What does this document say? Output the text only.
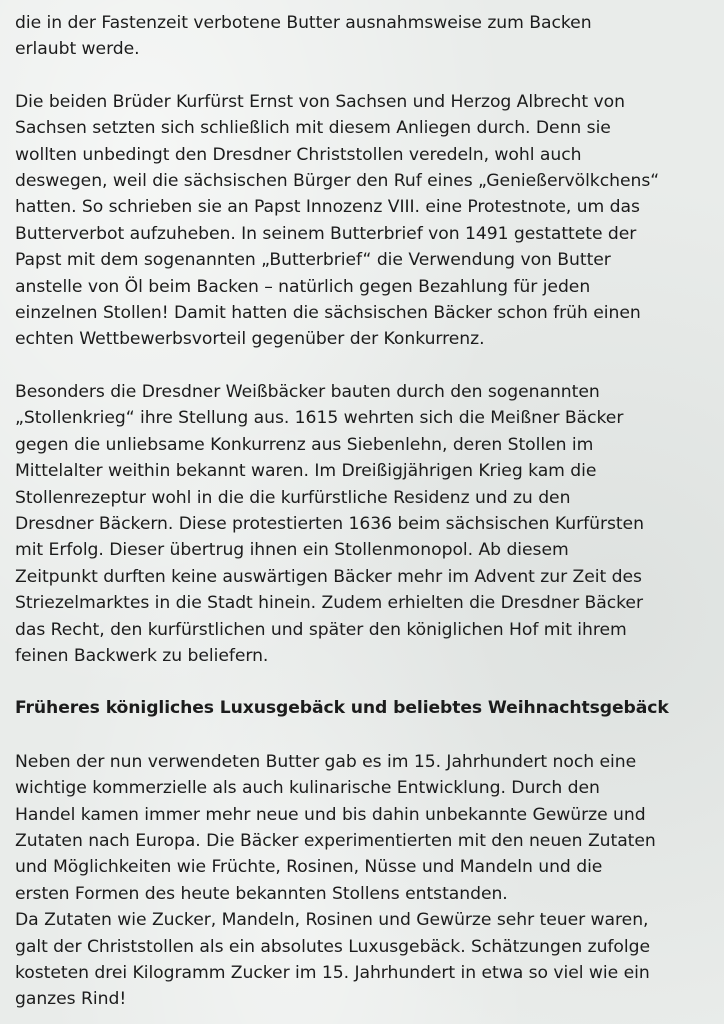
die in der Fastenzeit verbotene Butter ausnahmsweise zum Backen
erlaubt werde.

Die beiden Brüder Kurfürst Ernst von Sachsen und Herzog Albrecht von
Sachsen setzten sich schließlich mit diesem Anliegen durch. Denn sie
wollten unbedingt den Dresdner Christstollen veredeln, wohl auch
deswegen, weil die sächsischen Bürger den Ruf eines „Genießervölkchens“
hatten. So schrieben sie an Papst Innozenz VIII. eine Protestnote, um das
Butterverbot aufzuheben. In seinem Butterbrief von 1491 gestattete der
Papst mit dem sogenannten „Butterbrief“ die Verwendung von Butter
anstelle von Öl beim Backen – natürlich gegen Bezahlung für jeden
einzelnen Stollen! Damit hatten die sächsischen Bäcker schon früh einen
echten Wettbewerbsvorteil gegenüber der Konkurrenz.

Besonders die Dresdner Weißbäcker bauten durch den sogenannten
„Stollenkrieg“ ihre Stellung aus. 1615 wehrten sich die Meißner Bäcker
gegen die unliebsame Konkurrenz aus Siebenlehn, deren Stollen im
Mittelalter weithin bekannt waren. Im Dreißigjährigen Krieg kam die
Stollenrezeptur wohl in die die kurfürstliche Residenz und zu den
Dresdner Bäckern. Diese protestierten 1636 beim sächsischen Kurfürsten
mit Erfolg. Dieser übertrug ihnen ein Stollenmonopol. Ab diesem
Zeitpunkt durften keine auswärtigen Bäcker mehr im Advent zur Zeit des
Striezelmarktes in die Stadt hinein. Zudem erhielten die Dresdner Bäcker
das Recht, den kurfürstlichen und später den königlichen Hof mit ihrem
feinen Backwerk zu beliefern.

Früheres königliches Luxusgebäck und beliebtes Weihnachtsgebäck

Neben der nun verwendeten Butter gab es im 15. Jahrhundert noch eine
wichtige kommerzielle als auch kulinarische Entwicklung. Durch den
Handel kamen immer mehr neue und bis dahin unbekannte Gewürze und
Zutaten nach Europa. Die Bäcker experimentierten mit den neuen Zutaten
und Möglichkeiten wie Früchte, Rosinen, Nüsse und Mandeln und die
ersten Formen des heute bekannten Stollens entstanden.
Da Zutaten wie Zucker, Mandeln, Rosinen und Gewürze sehr teuer waren,
galt der Christstollen als ein absolutes Luxusgebäck. Schätzungen zufolge
kosteten drei Kilogramm Zucker im 15. Jahrhundert in etwa so viel wie ein
ganzes Rind!
